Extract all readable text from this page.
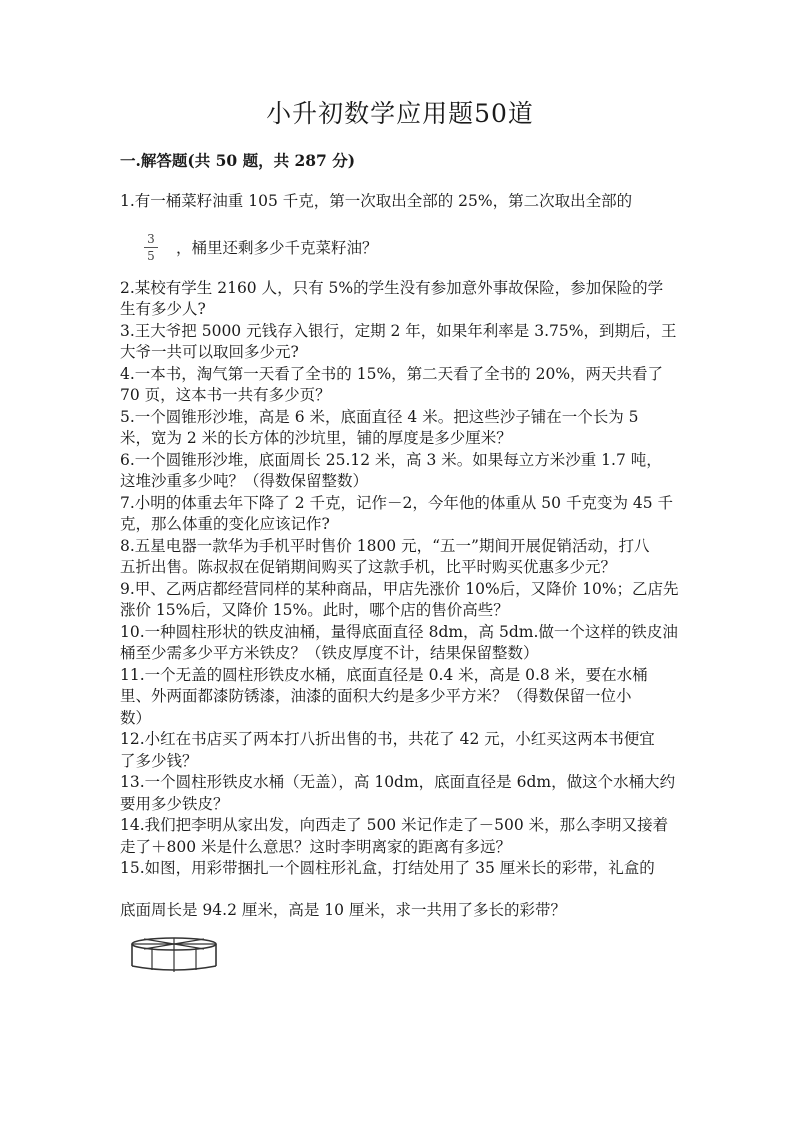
小升初数学应用题50道
一.解答题(共 50 题，共 287 分)
3
5
1.有一桶菜籽油重 105 千克，第一次取出全部的 25%，第二次取出全部的
，桶里还剩多少千克菜籽油？
2.某校有学生 2160 人，只有 5%的学生没有参加意外事故保险，参加保险的学
生有多少人?
3.王大爷把 5000 元钱存入银行，定期 2 年，如果年利率是 3.75%，到期后，王
大爷一共可以取回多少元?
4.一本书，淘气第一天看了全书的 15%，第二天看了全书的 20%，两天共看了
70 页，这本书一共有多少页？
5.一个圆锥形沙堆，高是 6 米，底面直径 4 米。把这些沙子铺在一个长为 5
米，宽为 2 米的长方体的沙坑里，铺的厚度是多少厘米？
6.一个圆锥形沙堆，底面周长 25.12 米，高 3 米。如果每立方米沙重 1.7 吨，
这堆沙重多少吨？（得数保留整数）
7.小明的体重去年下降了 2 千克，记作－2，今年他的体重从 50 千克变为 45 千
克，那么体重的变化应该记作?
8.五星电器一款华为手机平时售价 1800 元，“五一”期间开展促销活动，打八
五折出售。陈叔叔在促销期间购买了这款手机，比平时购买优惠多少元？
9.甲、乙两店都经营同样的某种商品，甲店先涨价 10%后，又降价 10%；乙店先
涨价 15%后，又降价 15%。此时，哪个店的售价高些？
10.一种圆柱形状的铁皮油桶，量得底面直径 8dm，高 5dm.做一个这样的铁皮油
桶至少需多少平方米铁皮？（铁皮厚度不计，结果保留整数）
11.一个无盖的圆柱形铁皮水桶，底面直径是 0.4 米，高是 0.8 米，要在水桶
里、外两面都漆防锈漆，油漆的面积大约是多少平方米？（得数保留一位小
数）
12.小红在书店买了两本打八折出售的书，共花了 42 元，小红买这两本书便宜
了多少钱？
13.一个圆柱形铁皮水桶（无盖），高 10dm，底面直径是 6dm，做这个水桶大约
要用多少铁皮？
14.我们把李明从家出发，向西走了 500 米记作走了－500 米，那么李明又接着
走了＋800 米是什么意思？这时李明离家的距离有多远？
15.如图，用彩带捆扎一个圆柱形礼盒，打结处用了 35 厘米长的彩带，礼盒的
底面周长是 94.2 厘米，高是 10 厘米，求一共用了多长的彩带？
